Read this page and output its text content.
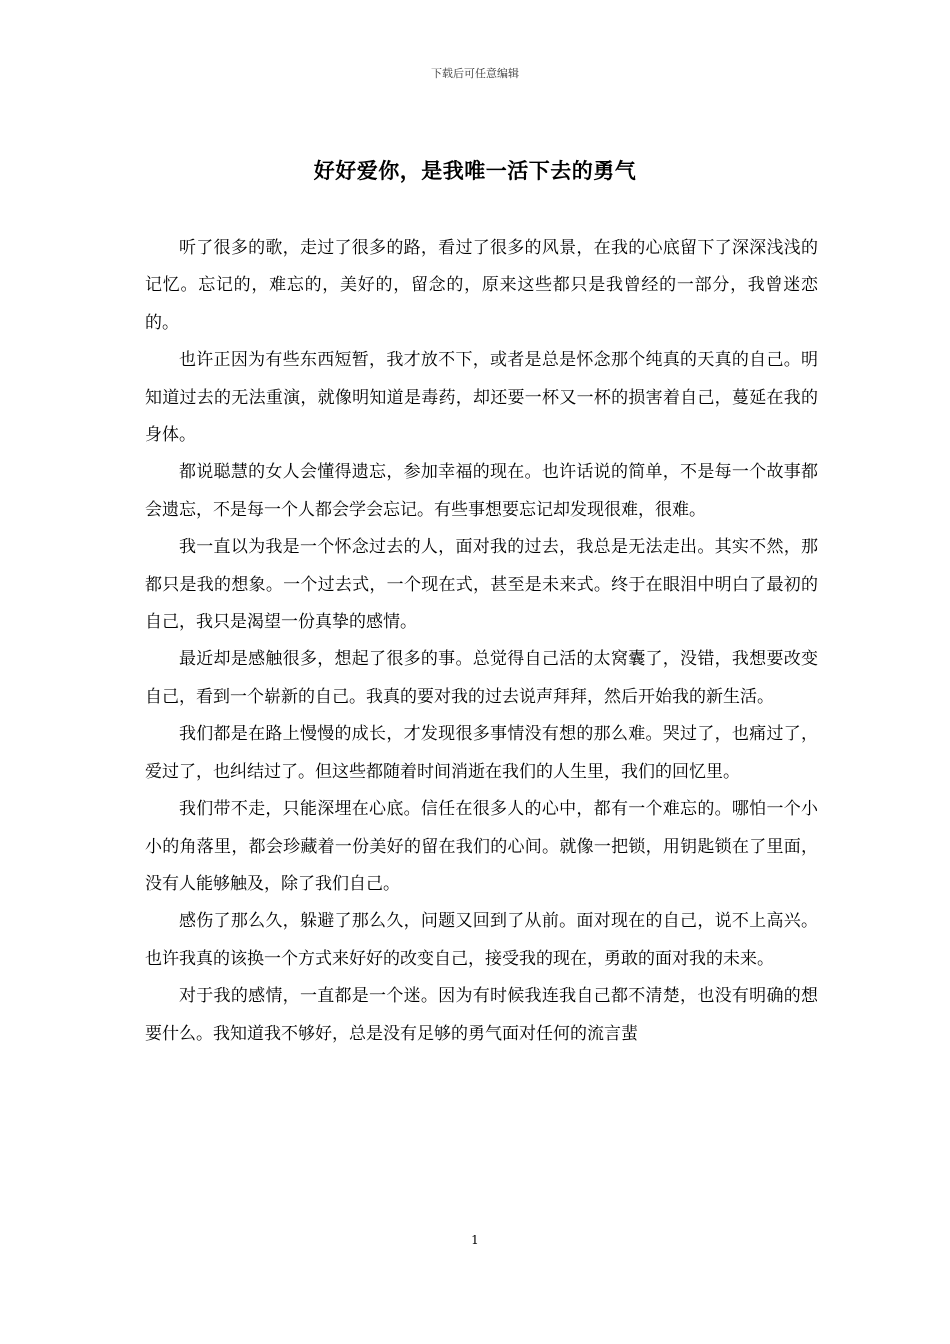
下载后可任意编辑
好好爱你，是我唯一活下去的勇气

听了很多的歌，走过了很多的路，看过了很多的风景，在我的心底留下了深深浅浅的记忆。忘记的，难忘的，美好的，留念的，原来这些都只是我曾经的一部分，我曾迷恋的。

也许正因为有些东西短暂，我才放不下，或者是总是怀念那个纯真的天真的自己。明知道过去的无法重演，就像明知道是毒药，却还要一杯又一杯的损害着自己，蔓延在我的身体。

都说聪慧的女人会懂得遗忘，参加幸福的现在。也许话说的简单，不是每一个故事都会遗忘，不是每一个人都会学会忘记。有些事想要忘记却发现很难，很难。

我一直以为我是一个怀念过去的人，面对我的过去，我总是无法走出。其实不然，那都只是我的想象。一个过去式，一个现在式，甚至是未来式。终于在眼泪中明白了最初的自己，我只是渴望一份真挚的感情。

最近却是感触很多，想起了很多的事。总觉得自己活的太窝囊了，没错，我想要改变自己，看到一个崭新的自己。我真的要对我的过去说声拜拜，然后开始我的新生活。

我们都是在路上慢慢的成长，才发现很多事情没有想的那么难。哭过了，也痛过了，爱过了，也纠结过了。但这些都随着时间消逝在我们的人生里，我们的回忆里。

我们带不走，只能深埋在心底。信任在很多人的心中，都有一个难忘的。哪怕一个小小的角落里，都会珍藏着一份美好的留在我们的心间。就像一把锁，用钥匙锁在了里面，没有人能够触及，除了我们自己。

感伤了那么久，躲避了那么久，问题又回到了从前。面对现在的自己，说不上高兴。也许我真的该换一个方式来好好的改变自己，接受我的现在，勇敢的面对我的未来。

对于我的感情，一直都是一个迷。因为有时候我连我自己都不清楚，也没有明确的想要什么。我知道我不够好，总是没有足够的勇气面对任何的流言蜚

1
